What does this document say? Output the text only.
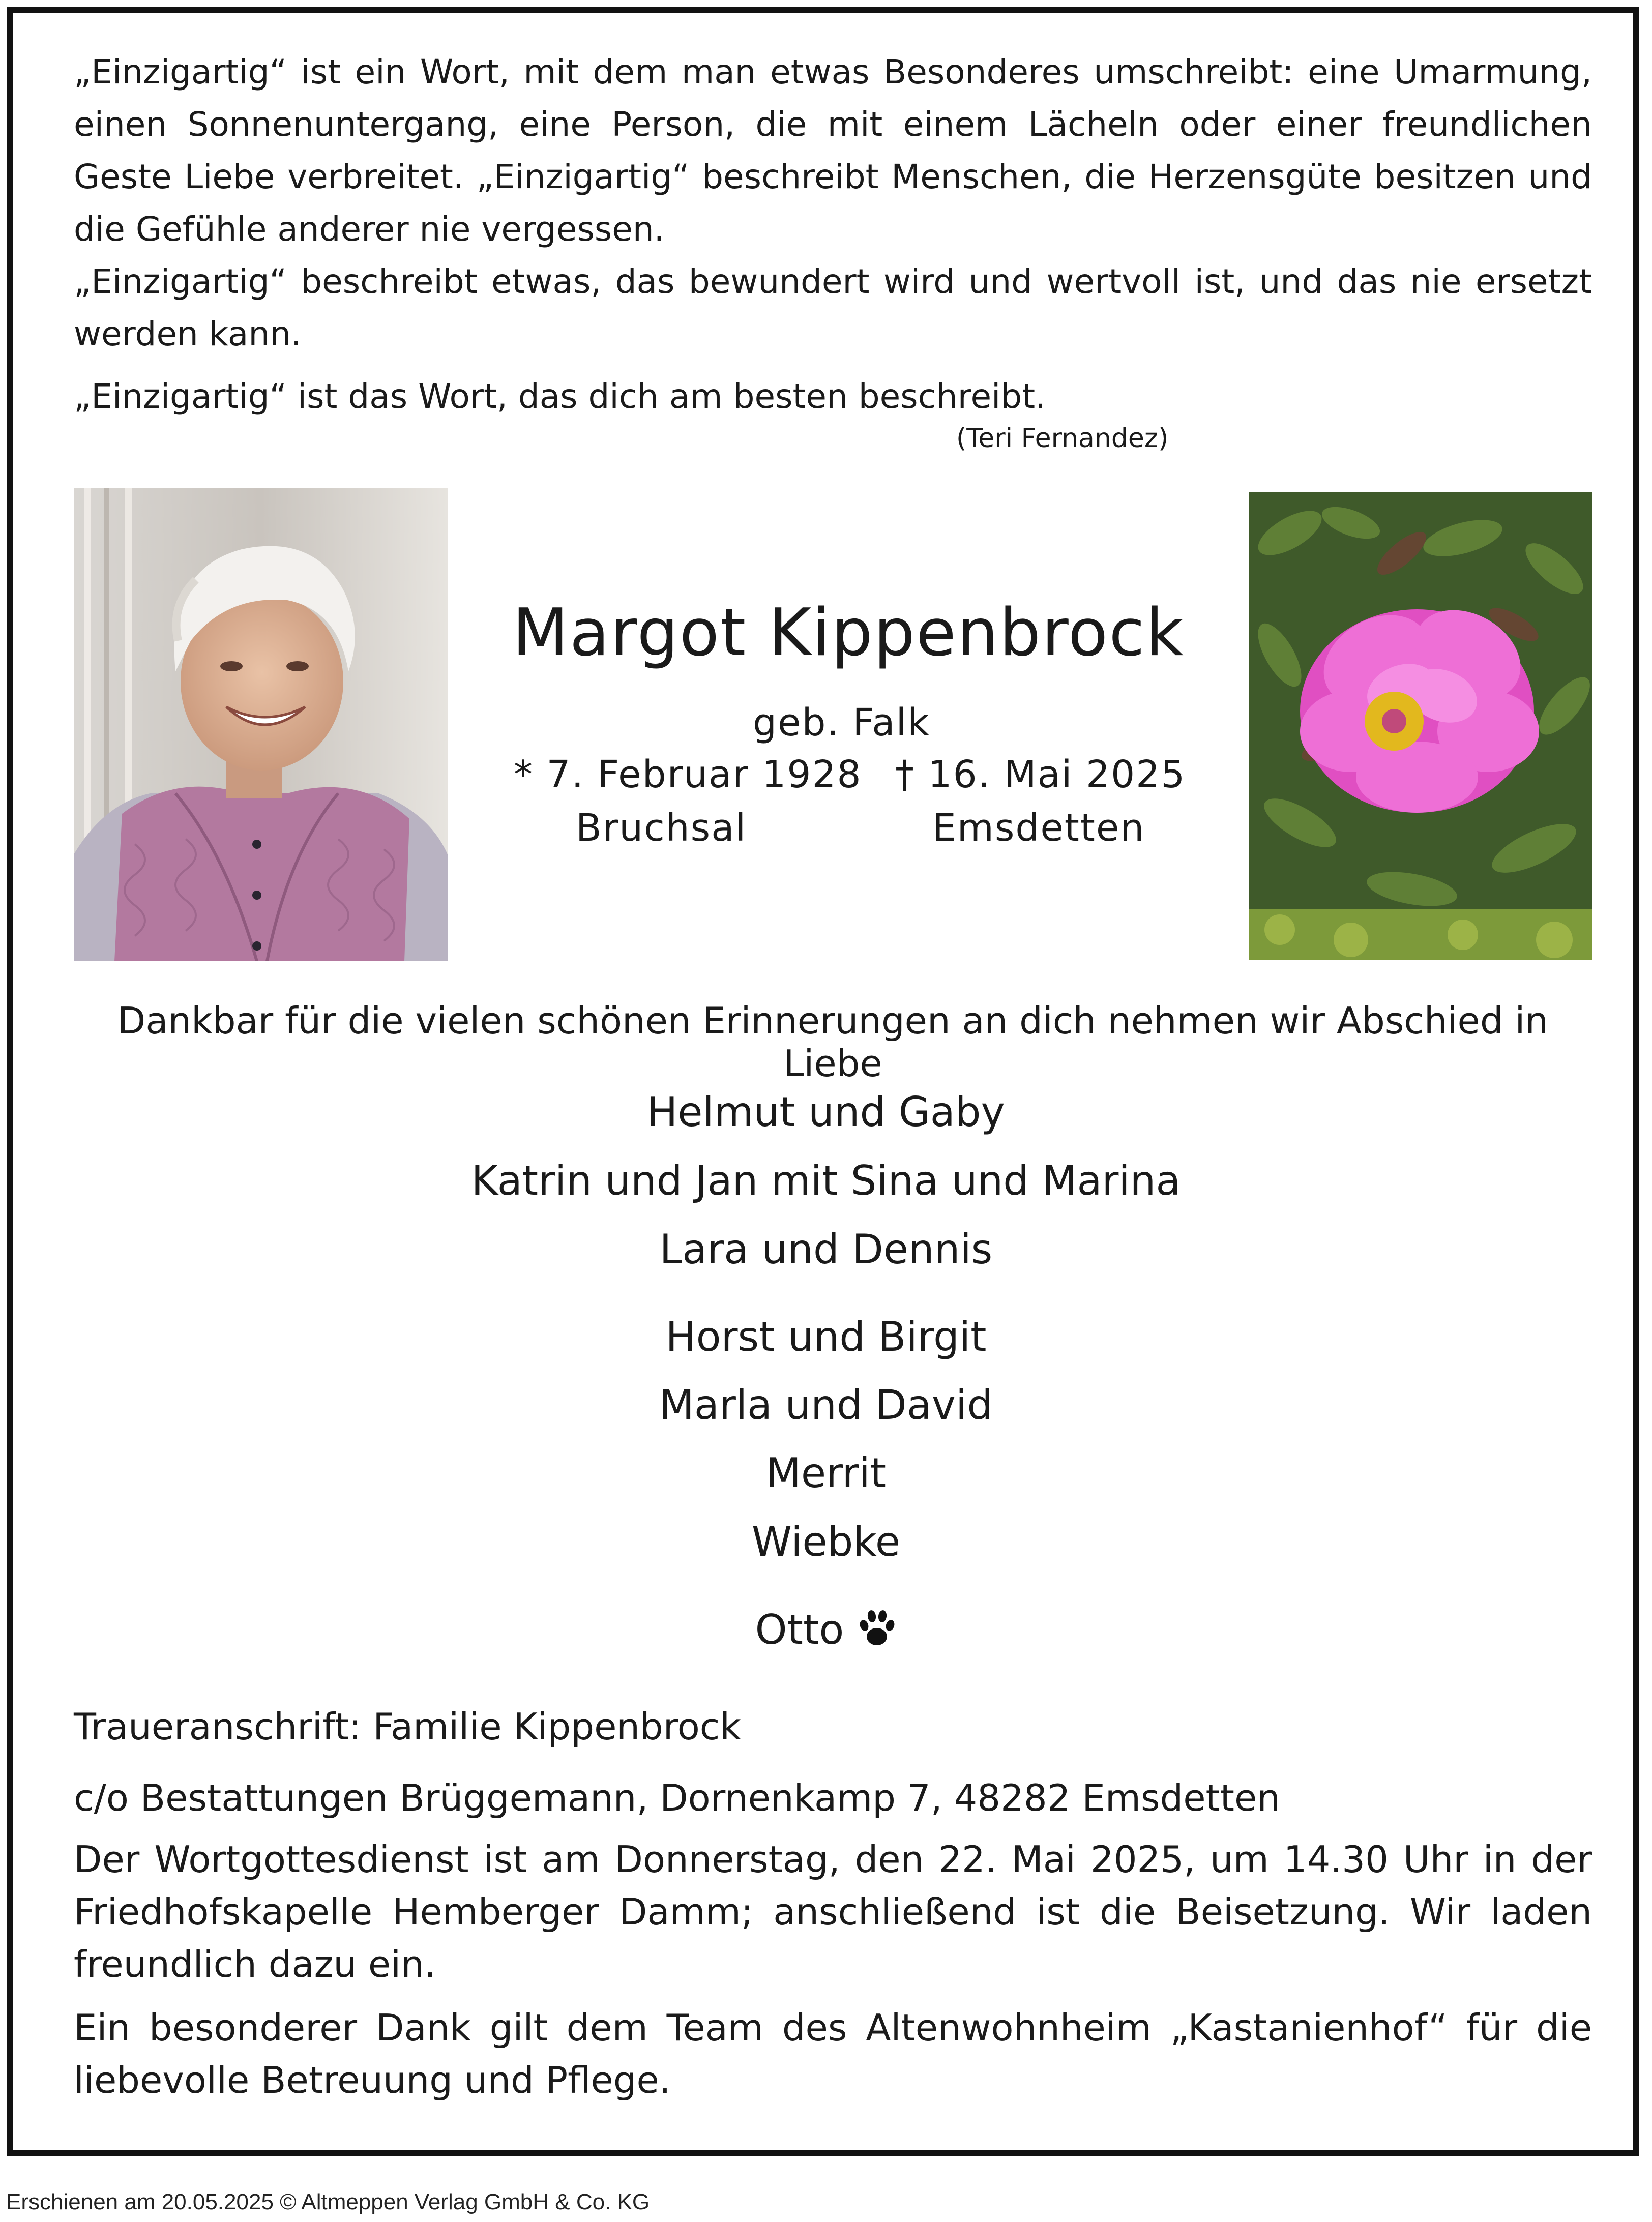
„Einzigartig“ ist ein Wort, mit dem man etwas Besonderes umschreibt: eine Umarmung, einen Sonnenuntergang, eine Person, die mit einem Lächeln oder einer freundlichen Geste Liebe verbreitet. „Einzigartig“ beschreibt Menschen, die Herzensgüte besitzen und die Gefühle anderer nie vergessen.

„Einzigartig“ beschreibt etwas, das bewundert wird und wertvoll ist, und das nie ersetzt werden kann.

„Einzigartig“ ist das Wort, das dich am besten beschreibt.

(Teri Fernandez)
Margot Kippenbrock
geb. Falk
* 7. Februar 1928 † 16. Mai 2025
Bruchsal	Emsdetten
Dankbar für die vielen schönen Erinnerungen an dich nehmen wir Abschied in Liebe
Helmut und Gaby
Katrin und Jan mit Sina und Marina
Lara und Dennis
Horst und Birgit
Marla und David
Merrit
Wiebke
Otto
Traueranschrift: Familie Kippenbrock
c/o Bestattungen Brüggemann, Dornenkamp 7, 48282 Emsdetten

Der Wortgottesdienst ist am Donnerstag, den 22. Mai 2025, um 14.30 Uhr in der Friedhofskapelle Hemberger Damm; anschließend ist die Beisetzung. Wir laden freundlich dazu ein.

Ein besonderer Dank gilt dem Team des Altenwohnheim „Kastanienhof“ für die liebevolle Betreuung und Pflege.

Erschienen am 20.05.2025 © Altmeppen Verlag GmbH & Co. KG
